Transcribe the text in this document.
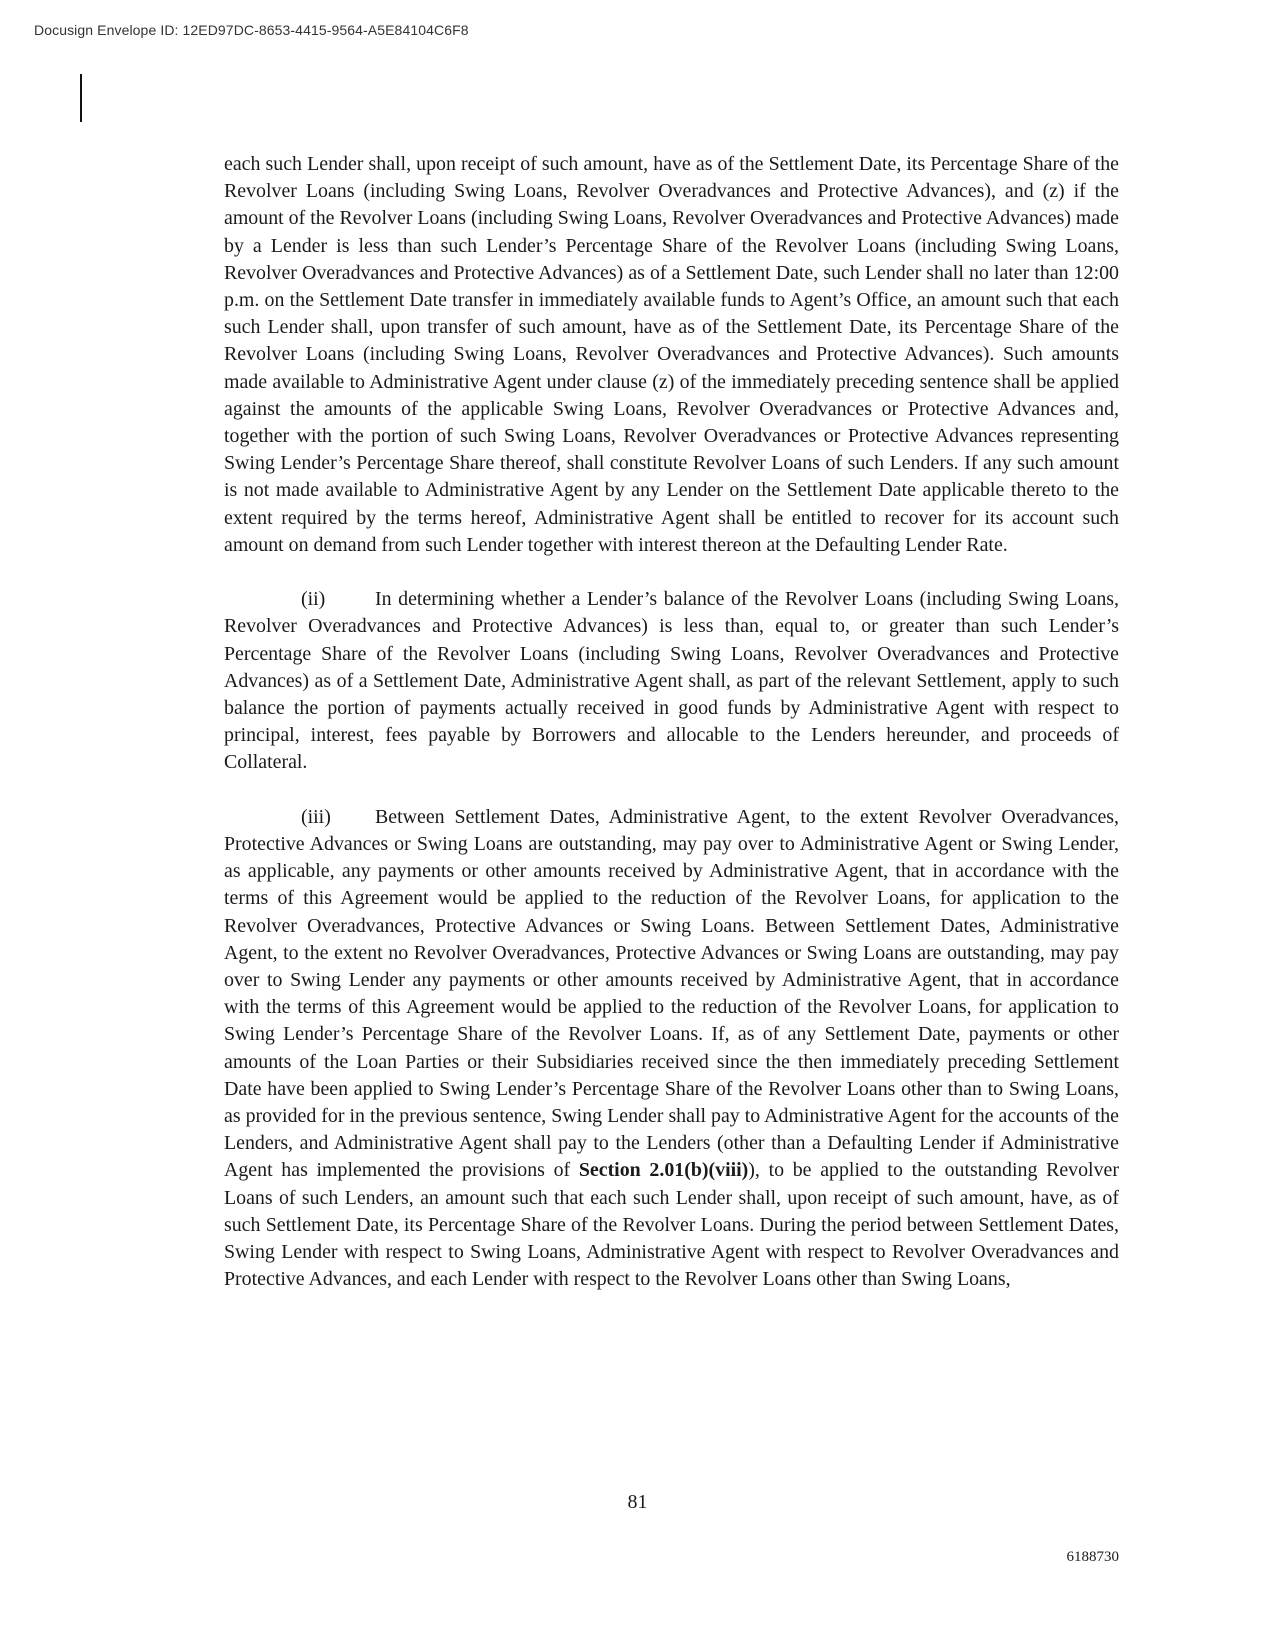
Docusign Envelope ID: 12ED97DC-8653-4415-9564-A5E84104C6F8

each such Lender shall, upon receipt of such amount, have as of the Settlement Date, its Percentage Share of the Revolver Loans (including Swing Loans, Revolver Overadvances and Protective Advances), and (z) if the amount of the Revolver Loans (including Swing Loans, Revolver Overadvances and Protective Advances) made by a Lender is less than such Lender’s Percentage Share of the Revolver Loans (including Swing Loans, Revolver Overadvances and Protective Advances) as of a Settlement Date, such Lender shall no later than 12:00 p.m. on the Settlement Date transfer in immediately available funds to Agent’s Office, an amount such that each such Lender shall, upon transfer of such amount, have as of the Settlement Date, its Percentage Share of the Revolver Loans (including Swing Loans, Revolver Overadvances and Protective Advances). Such amounts made available to Administrative Agent under clause (z) of the immediately preceding sentence shall be applied against the amounts of the applicable Swing Loans, Revolver Overadvances or Protective Advances and, together with the portion of such Swing Loans, Revolver Overadvances or Protective Advances representing Swing Lender’s Percentage Share thereof, shall constitute Revolver Loans of such Lenders. If any such amount is not made available to Administrative Agent by any Lender on the Settlement Date applicable thereto to the extent required by the terms hereof, Administrative Agent shall be entitled to recover for its account such amount on demand from such Lender together with interest thereon at the Defaulting Lender Rate.

(ii) In determining whether a Lender’s balance of the Revolver Loans (including Swing Loans, Revolver Overadvances and Protective Advances) is less than, equal to, or greater than such Lender’s Percentage Share of the Revolver Loans (including Swing Loans, Revolver Overadvances and Protective Advances) as of a Settlement Date, Administrative Agent shall, as part of the relevant Settlement, apply to such balance the portion of payments actually received in good funds by Administrative Agent with respect to principal, interest, fees payable by Borrowers and allocable to the Lenders hereunder, and proceeds of Collateral.

(iii) Between Settlement Dates, Administrative Agent, to the extent Revolver Overadvances, Protective Advances or Swing Loans are outstanding, may pay over to Administrative Agent or Swing Lender, as applicable, any payments or other amounts received by Administrative Agent, that in accordance with the terms of this Agreement would be applied to the reduction of the Revolver Loans, for application to the Revolver Overadvances, Protective Advances or Swing Loans. Between Settlement Dates, Administrative Agent, to the extent no Revolver Overadvances, Protective Advances or Swing Loans are outstanding, may pay over to Swing Lender any payments or other amounts received by Administrative Agent, that in accordance with the terms of this Agreement would be applied to the reduction of the Revolver Loans, for application to Swing Lender’s Percentage Share of the Revolver Loans. If, as of any Settlement Date, payments or other amounts of the Loan Parties or their Subsidiaries received since the then immediately preceding Settlement Date have been applied to Swing Lender’s Percentage Share of the Revolver Loans other than to Swing Loans, as provided for in the previous sentence, Swing Lender shall pay to Administrative Agent for the accounts of the Lenders, and Administrative Agent shall pay to the Lenders (other than a Defaulting Lender if Administrative Agent has implemented the provisions of Section 2.01(b)(viii)), to be applied to the outstanding Revolver Loans of such Lenders, an amount such that each such Lender shall, upon receipt of such amount, have, as of such Settlement Date, its Percentage Share of the Revolver Loans. During the period between Settlement Dates, Swing Lender with respect to Swing Loans, Administrative Agent with respect to Revolver Overadvances and Protective Advances, and each Lender with respect to the Revolver Loans other than Swing Loans,

81
6188730
